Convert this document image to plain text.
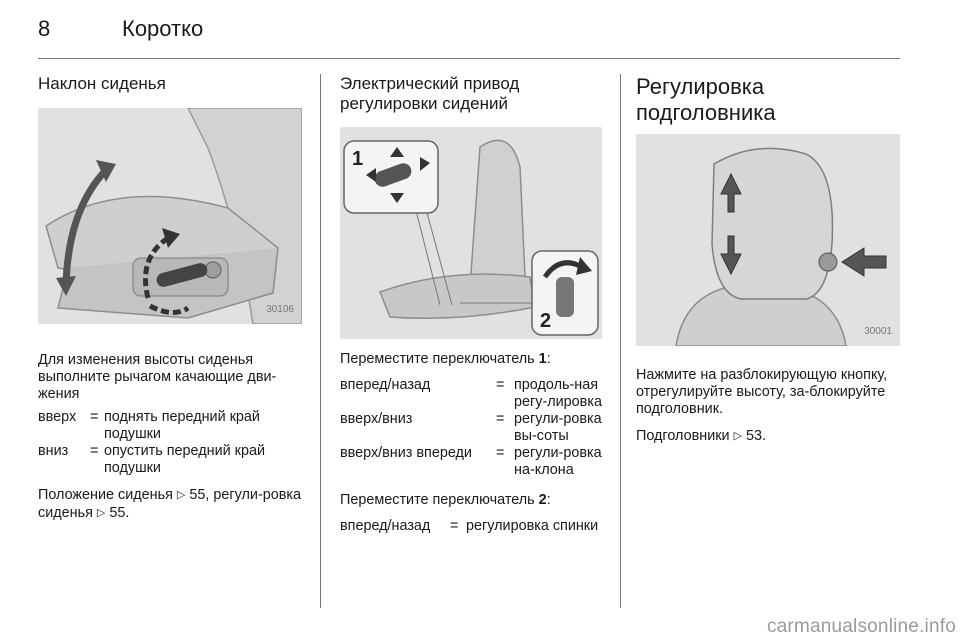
8	Коротко
Наклон сиденья
30106

Для изменения высоты сиденья выполните рычагом качающие дви-жения

вверх = поднять передний край подушки
вниз	= опустить передний край подушки

Положение сиденья ▷ 55, регули-ровка сиденья ▷ 55.

Электрический привод регулировки сидений
1
2

Переместите переключатель 1:

вперед/назад	= продоль-ная регу-лировка
вверх/вниз	= регули-ровка вы-соты
вверх/вниз впереди	= регули-ровка на-клона

Переместите переключатель 2:

вперед/назад	= регулировка спинки
Регулировка подголовника
30001

Нажмите на разблокирующую кнопку, отрегулируйте высоту, за-блокируйте подголовник.

Подголовники ▷ 53.

carmanualsonline.info
